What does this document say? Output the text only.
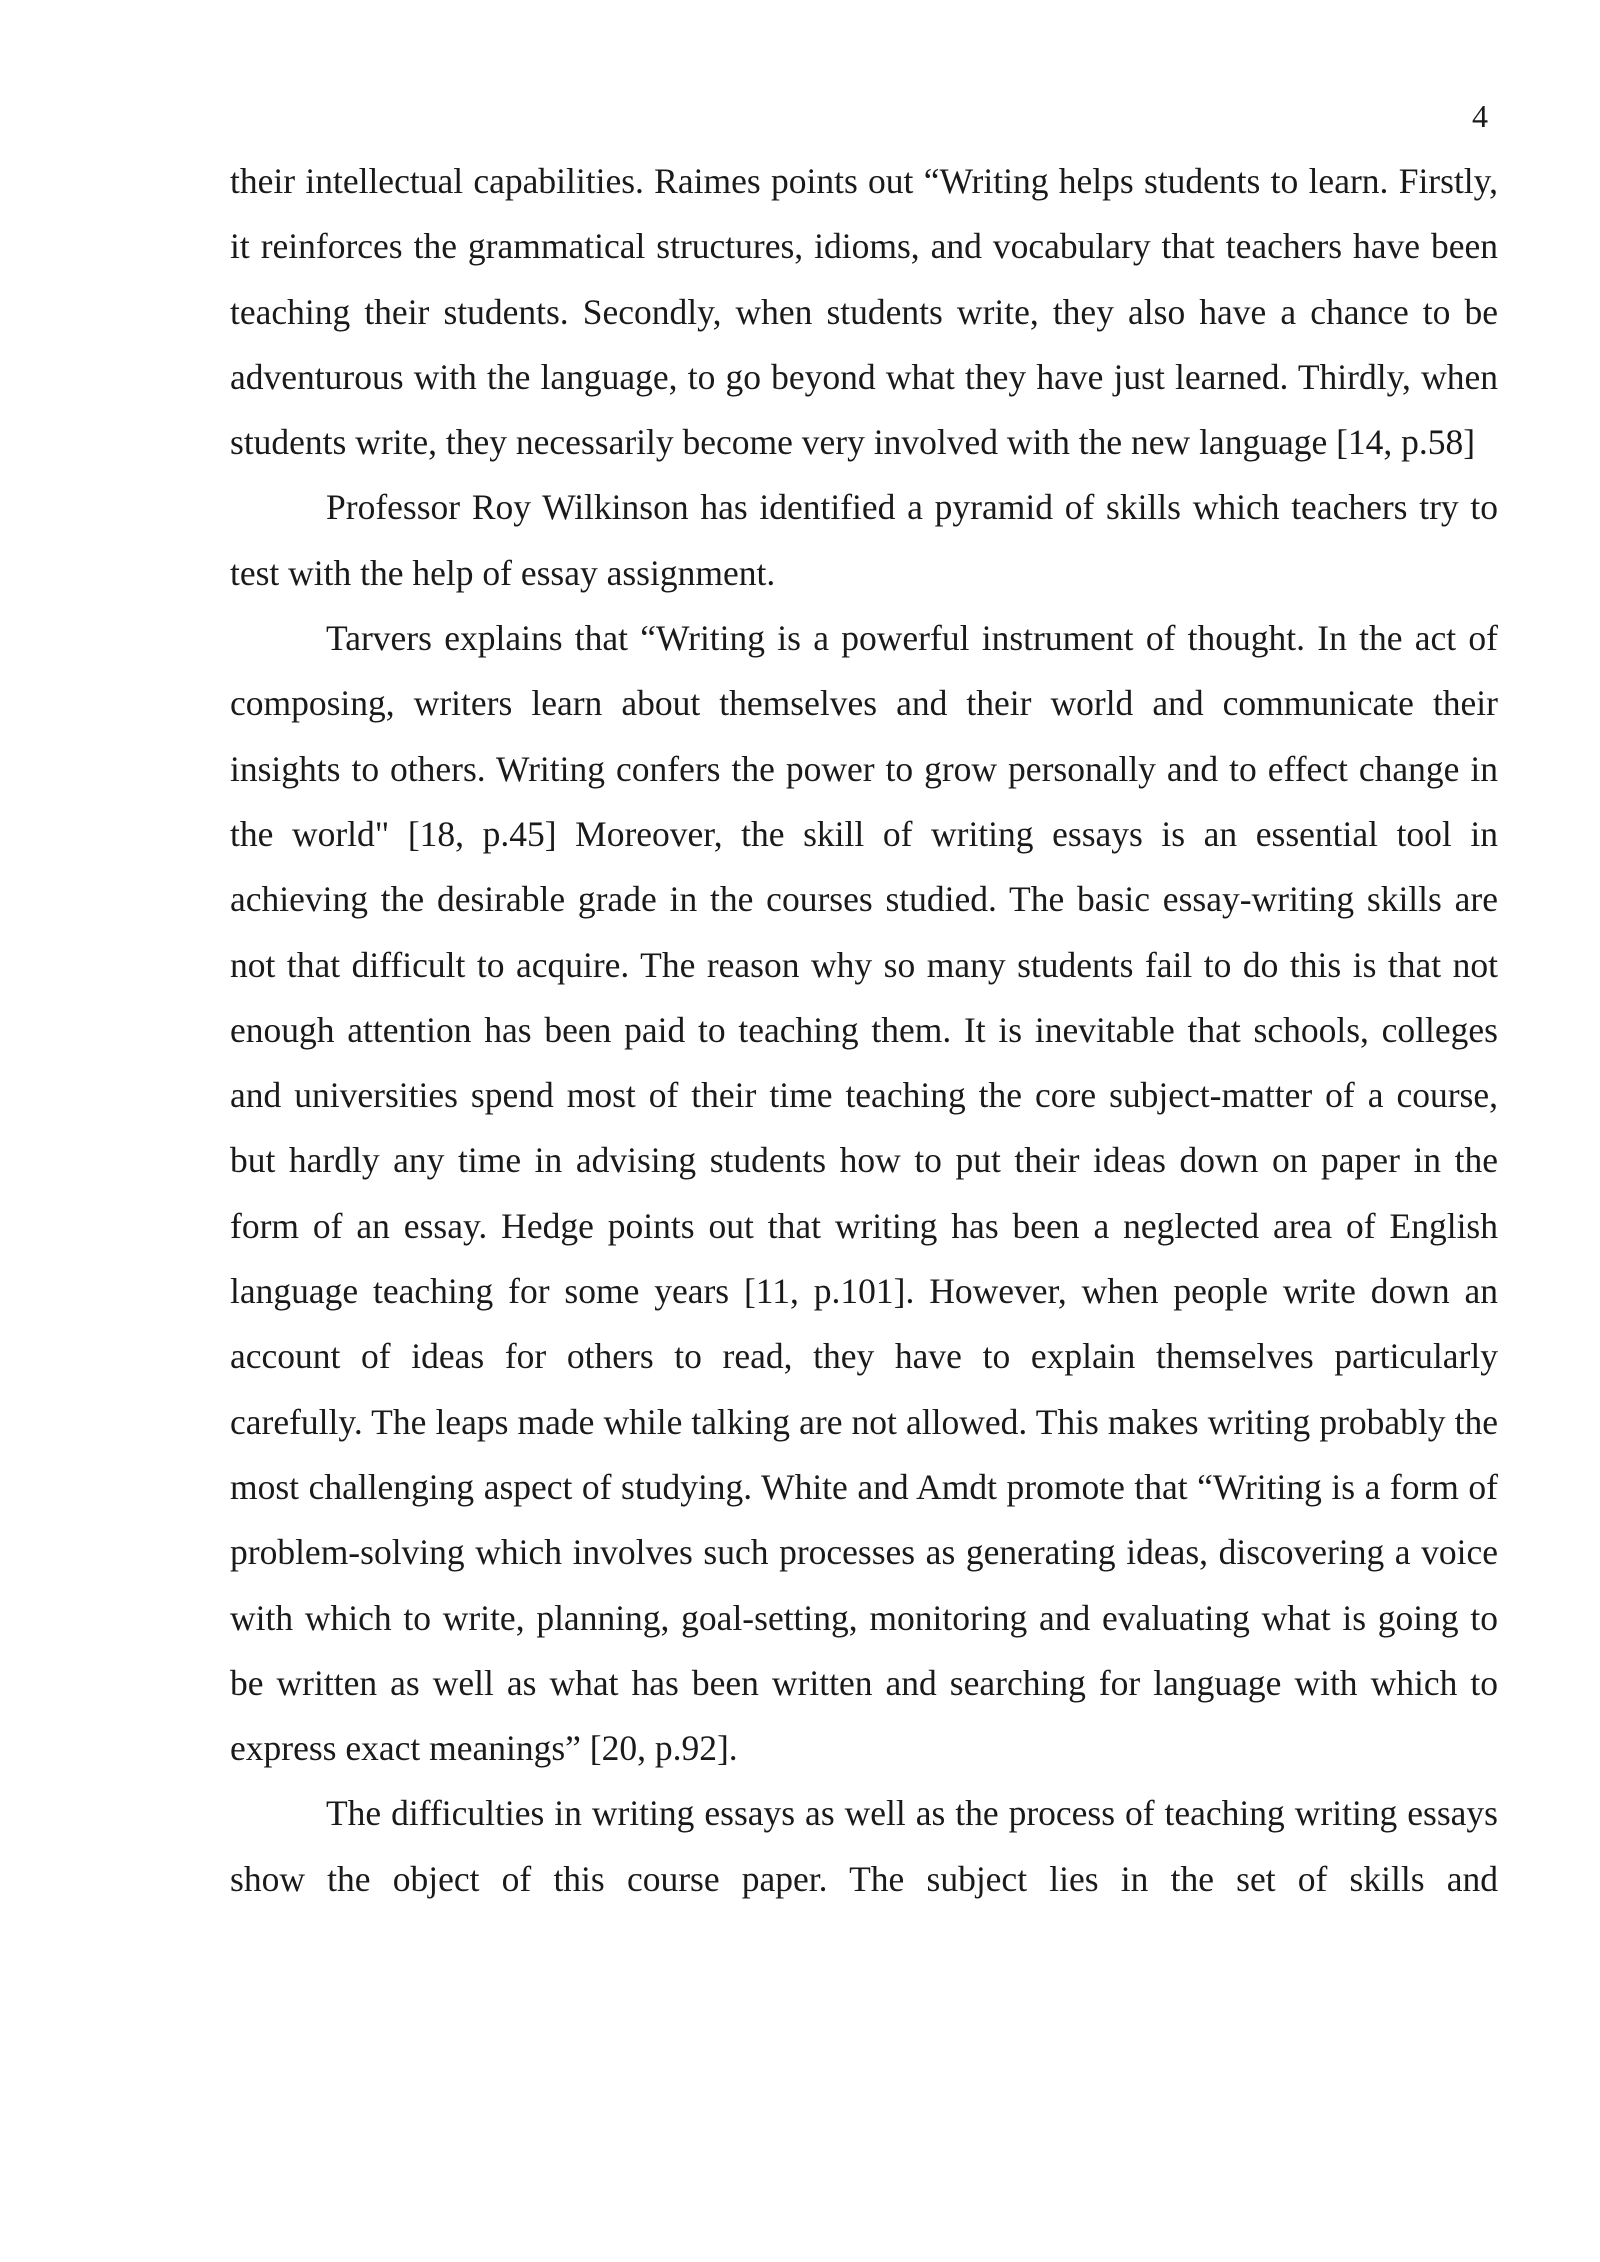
4

their intellectual capabilities. Raimes points out “Writing helps students to learn. Firstly, it reinforces the grammatical structures, idioms, and vocabulary that teachers have been teaching their students. Secondly, when students write, they also have a chance to be adventurous with the language, to go beyond what they have just learned. Thirdly, when students write, they necessarily become very involved with the new language [14, p.58]

Professor Roy Wilkinson has identified a pyramid of skills which teachers try to test with the help of essay assignment.

Tarvers explains that “Writing is a powerful instrument of thought. In the act of composing, writers learn about themselves and their world and communicate their insights to others. Writing confers the power to grow personally and to effect change in the world" [18, p.45] Moreover, the skill of writing essays is an essential tool in achieving the desirable grade in the courses studied. The basic essay-writing skills are not that difficult to acquire. The reason why so many students fail to do this is that not enough attention has been paid to teaching them. It is inevitable that schools, colleges and universities spend most of their time teaching the core subject-matter of a course, but hardly any time in advising students how to put their ideas down on paper in the form of an essay. Hedge points out that writing has been a neglected area of English language teaching for some years [11, p.101]. However, when people write down an account of ideas for others to read, they have to explain themselves particularly carefully. The leaps made while talking are not allowed. This makes writing probably the most challenging aspect of studying. White and Amdt promote that “Writing is a form of problem-solving which involves such processes as generating ideas, discovering a voice with which to write, planning, goal-setting, monitoring and evaluating what is going to be written as well as what has been written and searching for language with which to express exact meanings” [20, p.92].

The difficulties in writing essays as well as the process of teaching writing essays show the object of this course paper. The subject lies in the set of skills and
